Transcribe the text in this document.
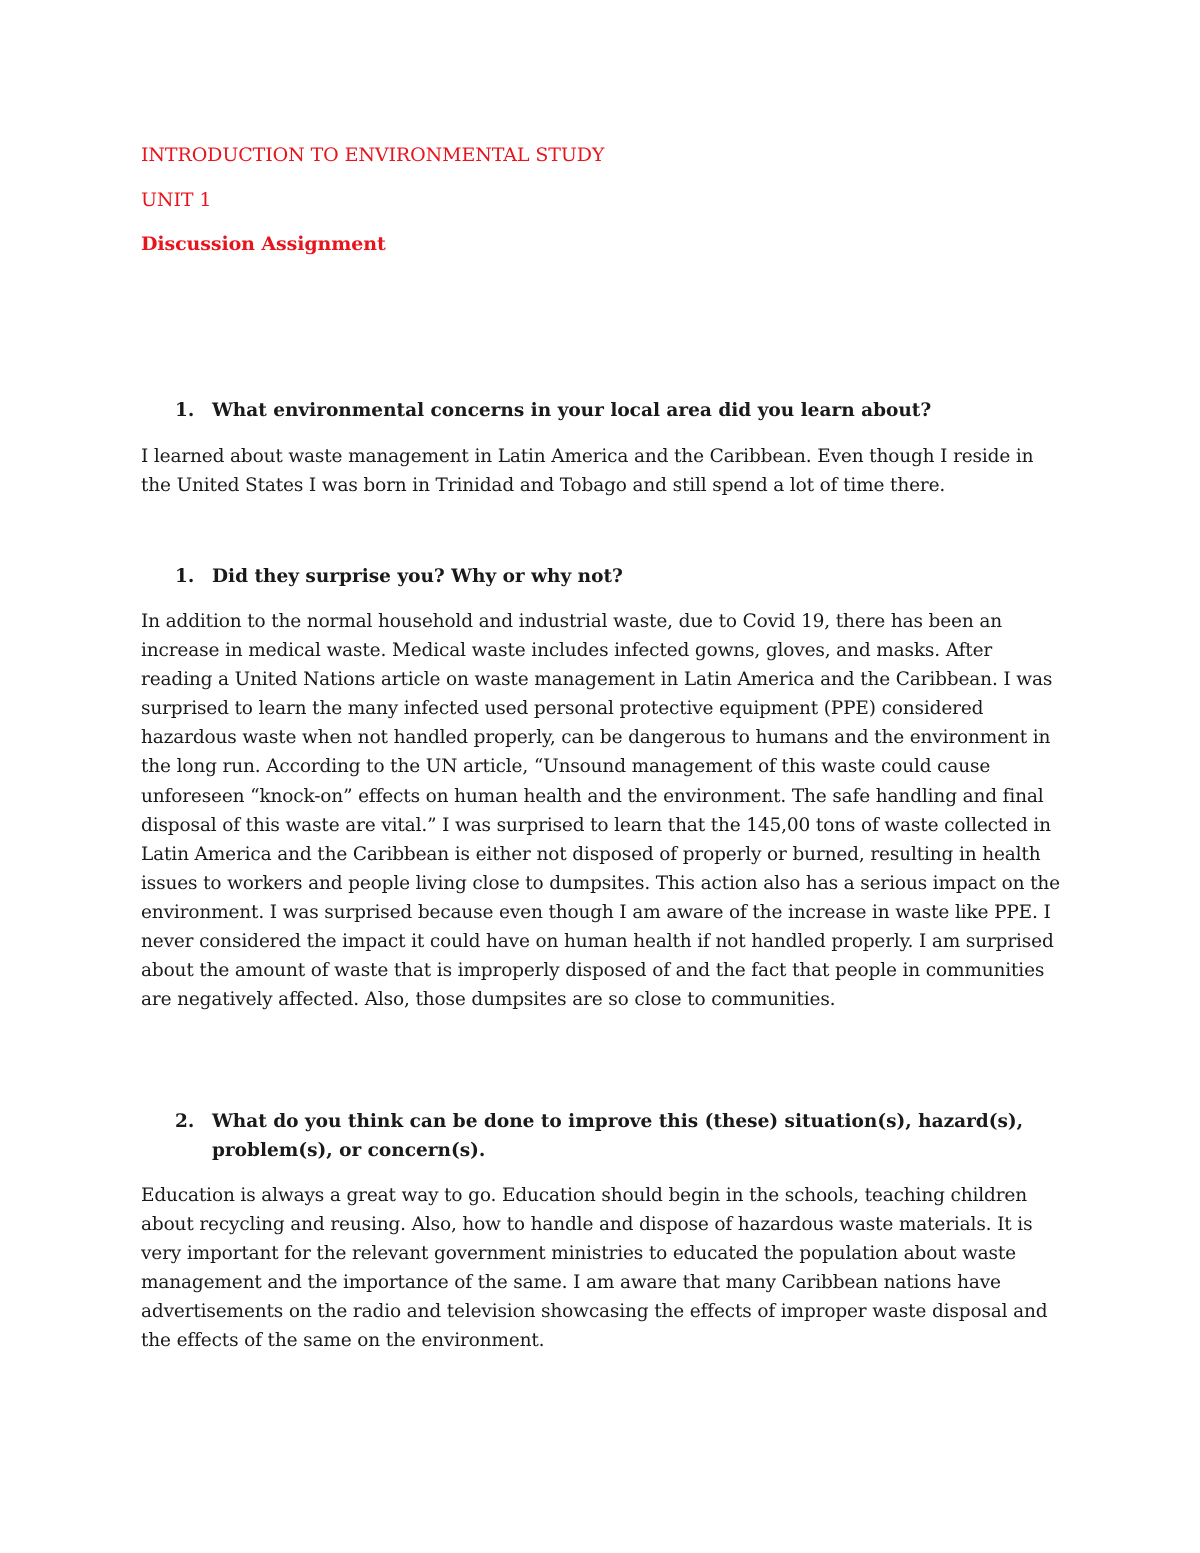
INTRODUCTION TO ENVIRONMENTAL STUDY
UNIT 1
Discussion Assignment
1. What environmental concerns in your local area did you learn about?

I learned about waste management in Latin America and the Caribbean. Even though I reside in the United States I was born in Trinidad and Tobago and still spend a lot of time there.

1. Did they surprise you? Why or why not?

In addition to the normal household and industrial waste, due to Covid 19, there has been an increase in medical waste. Medical waste includes infected gowns, gloves, and masks. After reading a United Nations article on waste management in Latin America and the Caribbean. I was surprised to learn the many infected used personal protective equipment (PPE) considered hazardous waste when not handled properly, can be dangerous to humans and the environment in the long run. According to the UN article, “Unsound management of this waste could cause unforeseen “knock-on” effects on human health and the environment. The safe handling and final disposal of this waste are vital.” I was surprised to learn that the 145,00 tons of waste collected in Latin America and the Caribbean is either not disposed of properly or burned, resulting in health issues to workers and people living close to dumpsites. This action also has a serious impact on the environment. I was surprised because even though I am aware of the increase in waste like PPE. I never considered the impact it could have on human health if not handled properly. I am surprised about the amount of waste that is improperly disposed of and the fact that people in communities are negatively affected. Also, those dumpsites are so close to communities.

2. What do you think can be done to improve this (these) situation(s), hazard(s), problem(s), or concern(s).

Education is always a great way to go. Education should begin in the schools, teaching children about recycling and reusing. Also, how to handle and dispose of hazardous waste materials. It is very important for the relevant government ministries to educated the population about waste management and the importance of the same. I am aware that many Caribbean nations have advertisements on the radio and television showcasing the effects of improper waste disposal and the effects of the same on the environment.
